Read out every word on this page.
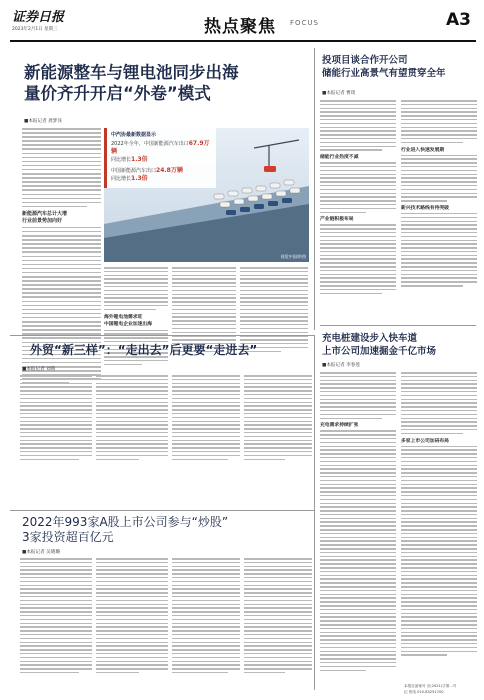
证券日报
2023年2月1日 星期三	热点聚焦 FOCUS	A3
新能源整车与锂电池同步出海
量价齐升开启“外卷”模式
■本报记者 龚梦泽
新能源汽车总计大增
行业前景势加向好
中汽协最新数据显示
2022年全年，中国新能源汽车出口67.9万辆
同比增长1.3倍
中国新能源汽车出口24.8万辆
同比增长1.3倍
视觉中国/供图
海外锂电池需求旺
中国锂电企业加速出海
投项目谈合作开公司
储能行业高景气有望贯穿全年
■本报记者 曹琦
储能行业热度不减
产业链积极布局
行业进入快速发展期
新兴技术路线有待突破
外贸“新三样”：“走出去”后更要“走进去”
■本报记者 刘萌
充电桩建设步入快车道
上市公司加速掘金千亿市场
■本报记者 李春莲
充电需求持续扩张
多家上市公司加码布局
2022年993家A股上市公司参与“炒股”
3家投资超百亿元
■本报记者 吴晓璐
本报社备案号 京(2021)字第...号
记 热线 010-83251700
